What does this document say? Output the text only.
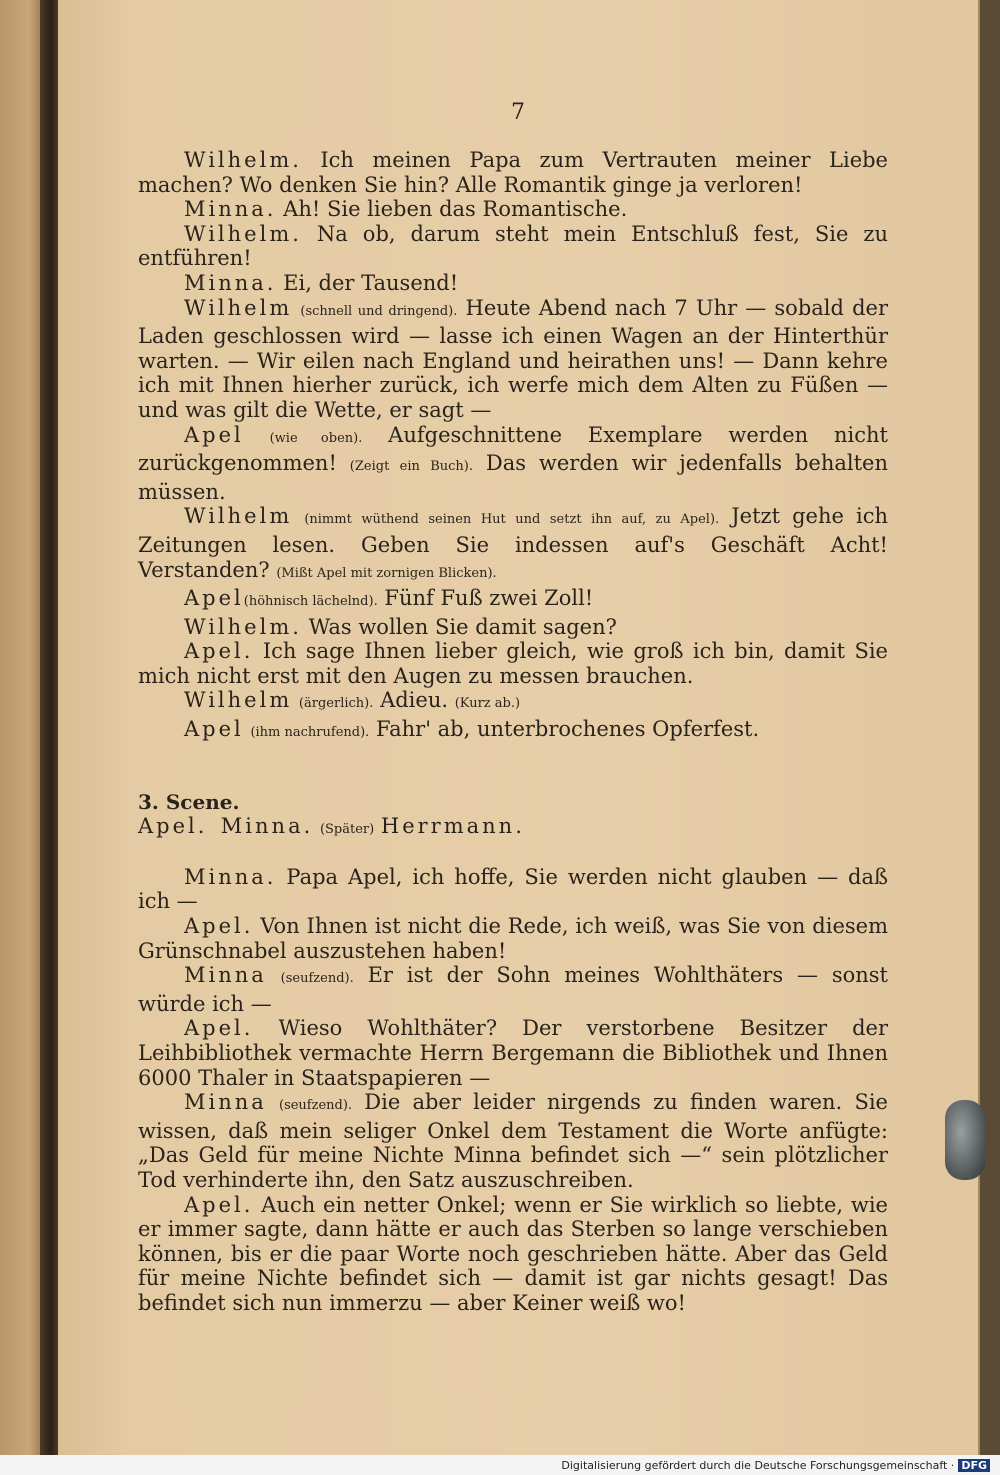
7

Wilhelm. Ich meinen Papa zum Vertrauten meiner Liebe machen? Wo denken Sie hin? Alle Romantik ginge ja verloren!

Minna. Ah! Sie lieben das Romantische.

Wilhelm. Na ob, darum steht mein Entschluß fest, Sie zu entführen!

Minna. Ei, der Tausend!

Wilhelm (schnell und dringend). Heute Abend nach 7 Uhr — sobald der Laden geschlossen wird — lasse ich einen Wagen an der Hinterthür warten. — Wir eilen nach England und heirathen uns! — Dann kehre ich mit Ihnen hierher zurück, ich werfe mich dem Alten zu Füßen — und was gilt die Wette, er sagt —

Apel (wie oben). Aufgeschnittene Exemplare werden nicht zurückgenommen! (Zeigt ein Buch). Das werden wir jedenfalls behalten müssen.

Wilhelm (nimmt wüthend seinen Hut und setzt ihn auf, zu Apel). Jetzt gehe ich Zeitungen lesen. Geben Sie indessen auf's Geschäft Acht! Verstanden? (Mißt Apel mit zornigen Blicken).

Apel(höhnisch lächelnd). Fünf Fuß zwei Zoll!

Wilhelm. Was wollen Sie damit sagen?

Apel. Ich sage Ihnen lieber gleich, wie groß ich bin, damit Sie mich nicht erst mit den Augen zu messen brauchen.

Wilhelm (ärgerlich). Adieu. (Kurz ab.)

Apel (ihm nachrufend). Fahr' ab, unterbrochenes Opferfest.

3. Scene.

Apel. Minna. (Später) Herrmann.

Minna. Papa Apel, ich hoffe, Sie werden nicht glauben — daß ich —

Apel. Von Ihnen ist nicht die Rede, ich weiß, was Sie von diesem Grünschnabel auszustehen haben!

Minna (seufzend). Er ist der Sohn meines Wohlthäters — sonst würde ich —

Apel. Wieso Wohlthäter? Der verstorbene Besitzer der Leihbibliothek vermachte Herrn Bergemann die Bibliothek und Ihnen 6000 Thaler in Staatspapieren —

Minna (seufzend). Die aber leider nirgends zu finden waren. Sie wissen, daß mein seliger Onkel dem Testament die Worte anfügte: „Das Geld für meine Nichte Minna befindet sich —“ sein plötzlicher Tod verhinderte ihn, den Satz auszuschreiben.

Apel. Auch ein netter Onkel; wenn er Sie wirklich so liebte, wie er immer sagte, dann hätte er auch das Sterben so lange verschieben können, bis er die paar Worte noch geschrieben hätte. Aber das Geld für meine Nichte befindet sich — damit ist gar nichts gesagt! Das befindet sich nun immerzu — aber Keiner weiß wo!

Digitalisierung gefördert durch die Deutsche Forschungsgemeinschaft · DFG
